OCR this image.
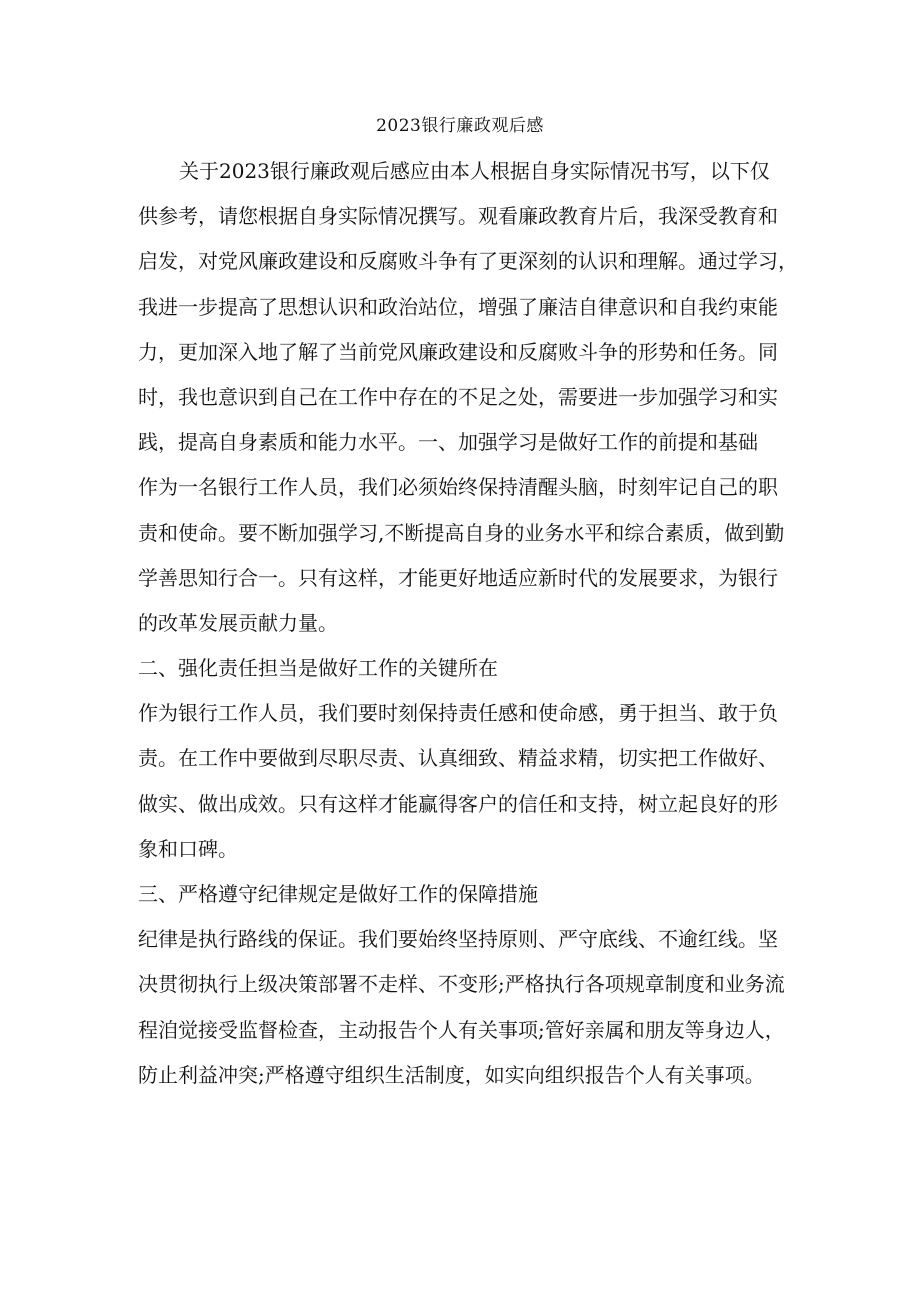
2023银行廉政观后感
关于2023银行廉政观后感应由本人根据自身实际情况书写，以下仅
供参考，请您根据自身实际情况撰写。观看廉政教育片后，我深受教育和
启发，对党风廉政建设和反腐败斗争有了更深刻的认识和理解。通过学习，
我进一步提高了思想认识和政治站位，增强了廉洁自律意识和自我约束能
力，更加深入地了解了当前党风廉政建设和反腐败斗争的形势和任务。同
时，我也意识到自己在工作中存在的不足之处，需要进一步加强学习和实
践，提高自身素质和能力水平。一、加强学习是做好工作的前提和基础
作为一名银行工作人员，我们必须始终保持清醒头脑，时刻牢记自己的职
责和使命。要不断加强学习,不断提高自身的业务水平和综合素质，做到勤
学善思知行合一。只有这样，才能更好地适应新时代的发展要求，为银行
的改革发展贡献力量。
二、强化责任担当是做好工作的关键所在
作为银行工作人员，我们要时刻保持责任感和使命感，勇于担当、敢于负
责。在工作中要做到尽职尽责、认真细致、精益求精，切实把工作做好、
做实、做出成效。只有这样才能赢得客户的信任和支持，树立起良好的形
象和口碑。
三、严格遵守纪律规定是做好工作的保障措施
纪律是执行路线的保证。我们要始终坚持原则、严守底线、不逾红线。坚
决贯彻执行上级决策部署不走样、不变形;严格执行各项规章制度和业务流
程洎觉接受监督检查，主动报告个人有关事项;管好亲属和朋友等身边人，
防止利益冲突;严格遵守组织生活制度，如实向组织报告个人有关事项。
